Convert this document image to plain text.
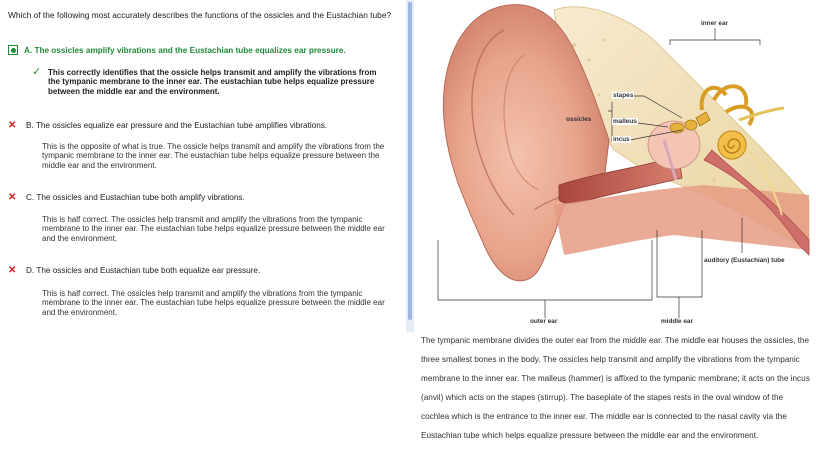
Which of the following most accurately describes the functions of the ossicles and the Eustachian tube?
A. The ossicles amplify vibrations and the Eustachian tube equalizes ear pressure.
✓ This correctly identifies that the ossicle helps transmit and amplify the vibrations from the tympanic membrane to the inner ear. The eustachian tube helps equalize pressure between the middle ear and the environment.
✕ B. The ossicles equalize ear pressure and the Eustachian tube amplifies vibrations.
This is the opposite of what is true. The ossicle helps transmit and amplify the vibrations from the tympanic membrane to the inner ear. The eustachian tube helps equalize pressure between the middle ear and the environment.
✕ C. The ossicles and Eustachian tube both amplify vibrations.
This is half correct. The ossicles help transmit and amplify the vibrations from the tympanic membrane to the inner ear. The eustachian tube helps equalize pressure between the middle ear and the environment.
✕ D. The ossicles and Eustachian tube both equalize ear pressure.
This is half correct. The ossicles help transmit and amplify the vibrations from the tympanic membrane to the inner ear. The eustachian tube helps equalize pressure between the middle ear and the environment.
inner ear
stapes
ossicles	malleus
incus
auditory (Eustachian) tube
outer ear	middle ear
The tympanic membrane divides the outer ear from the middle ear. The middle ear houses the ossicles, the three smallest bones in the body. The ossicles help transmit and amplify the vibrations from the tympanic membrane to the inner ear. The malleus (hammer) is affixed to the tympanic membrane; it acts on the incus (anvil) which acts on the stapes (stirrup). The baseplate of the stapes rests in the oval window of the cochlea which is the entrance to the inner ear. The middle ear is connected to the nasal cavity via the Eustachian tube which helps equalize pressure between the middle ear and the environment.
